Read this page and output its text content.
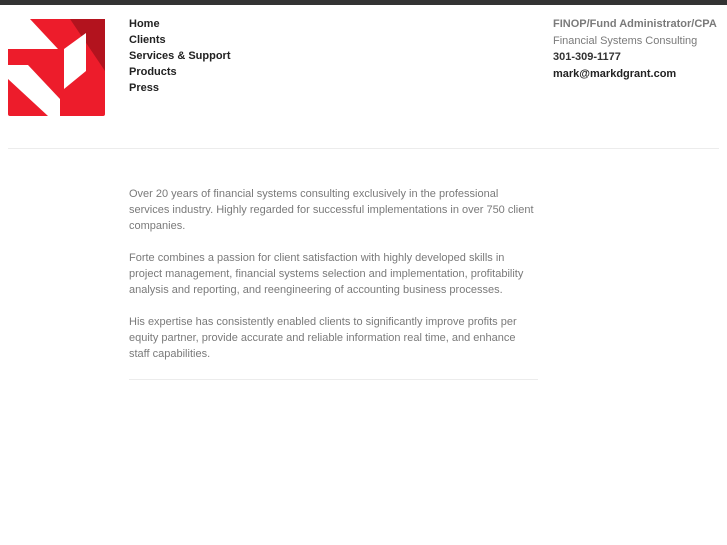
Home
Clients
Services & Support
Products
Press
FINOP/Fund Administrator/CPA
Financial Systems Consulting
301-309-1177
mark@markdgrant.com

Over 20 years of financial systems consulting exclusively in the professional services industry. Highly regarded for successful implementations in over 750 client companies.

Forte combines a passion for client satisfaction with highly developed skills in project management, financial systems selection and implementation, profitability analysis and reporting, and reengineering of accounting business processes.

His expertise has consistently enabled clients to significantly improve profits per equity partner, provide accurate and reliable information real time, and enhance staff capabilities.
